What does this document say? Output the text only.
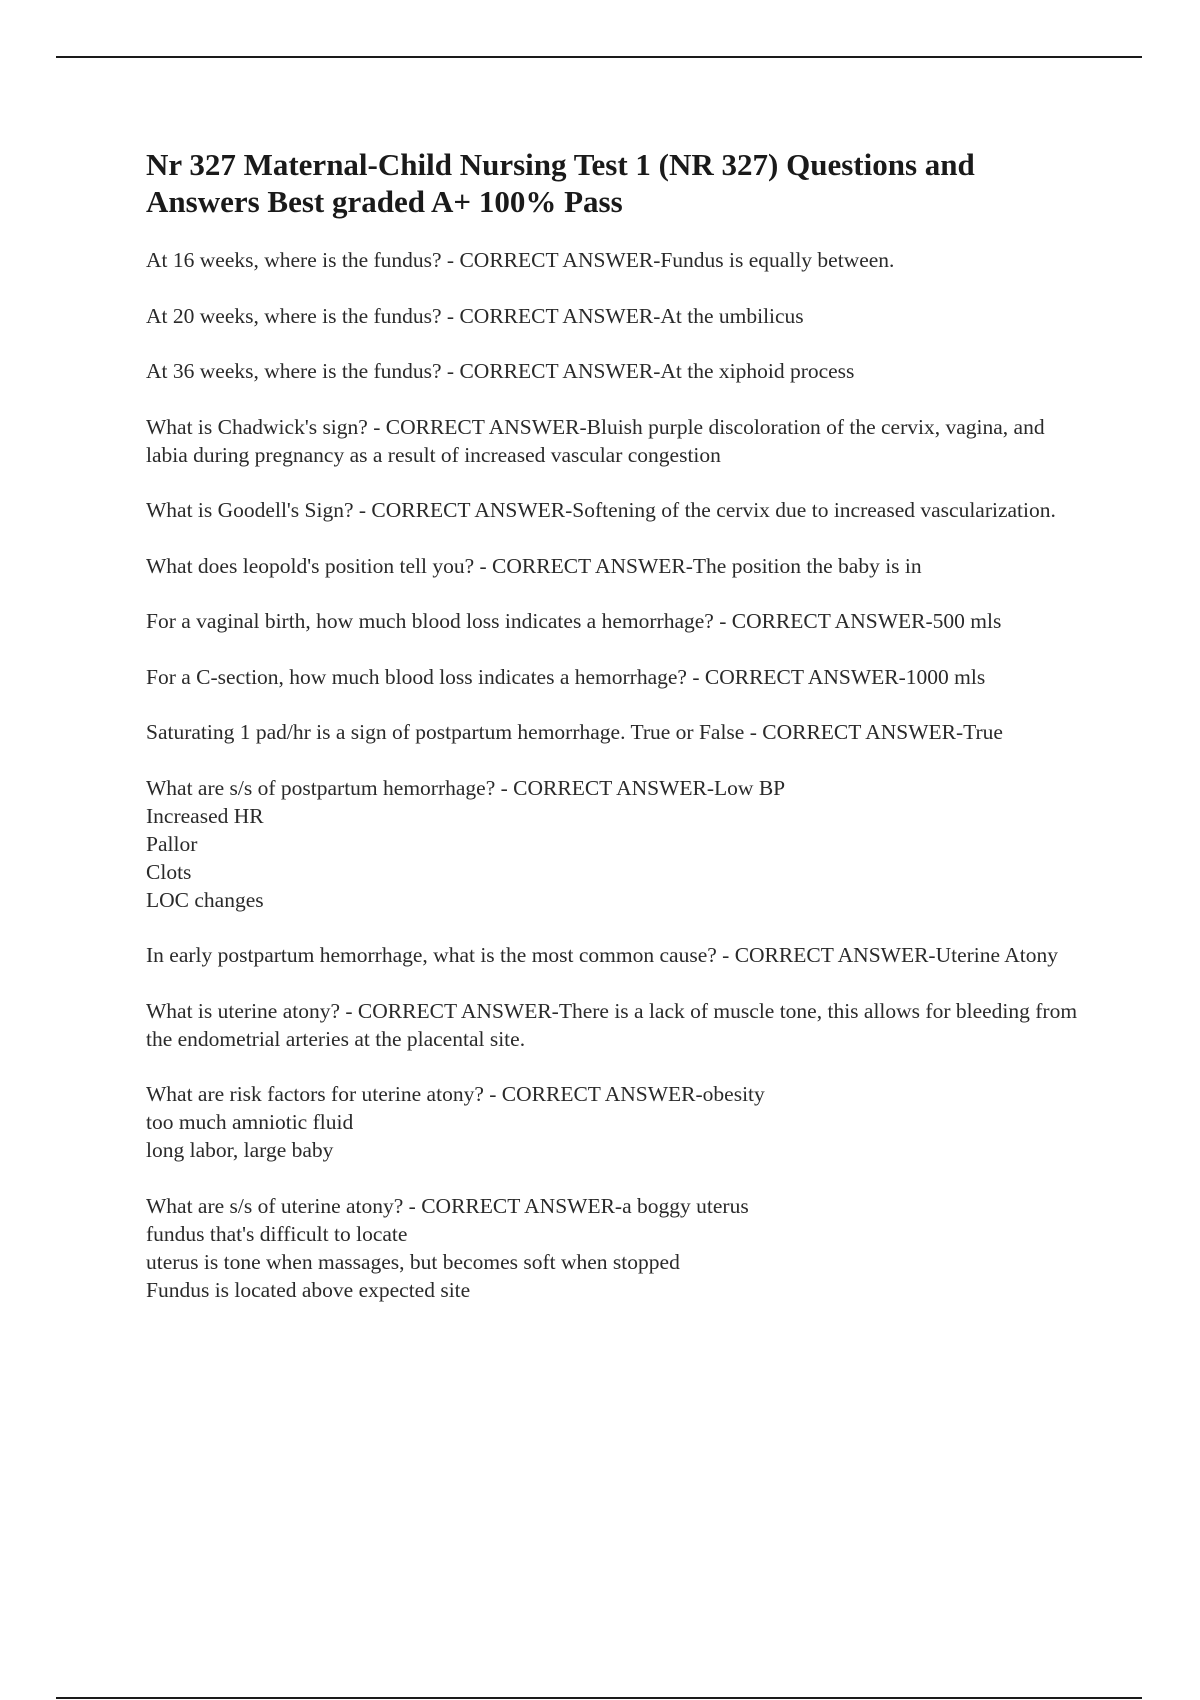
Nr 327 Maternal-Child Nursing Test 1 (NR 327) Questions and Answers Best graded A+ 100% Pass

At 16 weeks, where is the fundus? - CORRECT ANSWER-Fundus is equally between.

At 20 weeks, where is the fundus? - CORRECT ANSWER-At the umbilicus

At 36 weeks, where is the fundus? - CORRECT ANSWER-At the xiphoid process

What is Chadwick's sign? - CORRECT ANSWER-Bluish purple discoloration of the cervix, vagina, and labia during pregnancy as a result of increased vascular congestion

What is Goodell's Sign? - CORRECT ANSWER-Softening of the cervix due to increased vascularization.

What does leopold's position tell you? - CORRECT ANSWER-The position the baby is in

For a vaginal birth, how much blood loss indicates a hemorrhage? - CORRECT ANSWER-500 mls

For a C-section, how much blood loss indicates a hemorrhage? - CORRECT ANSWER-1000 mls

Saturating 1 pad/hr is a sign of postpartum hemorrhage. True or False - CORRECT ANSWER-True

What are s/s of postpartum hemorrhage? - CORRECT ANSWER-Low BP
Increased HR
Pallor
Clots
LOC changes

In early postpartum hemorrhage, what is the most common cause? - CORRECT ANSWER-Uterine Atony

What is uterine atony? - CORRECT ANSWER-There is a lack of muscle tone, this allows for bleeding from the endometrial arteries at the placental site.

What are risk factors for uterine atony? - CORRECT ANSWER-obesity
too much amniotic fluid
long labor, large baby

What are s/s of uterine atony? - CORRECT ANSWER-a boggy uterus
fundus that's difficult to locate
uterus is tone when massages, but becomes soft when stopped
Fundus is located above expected site
